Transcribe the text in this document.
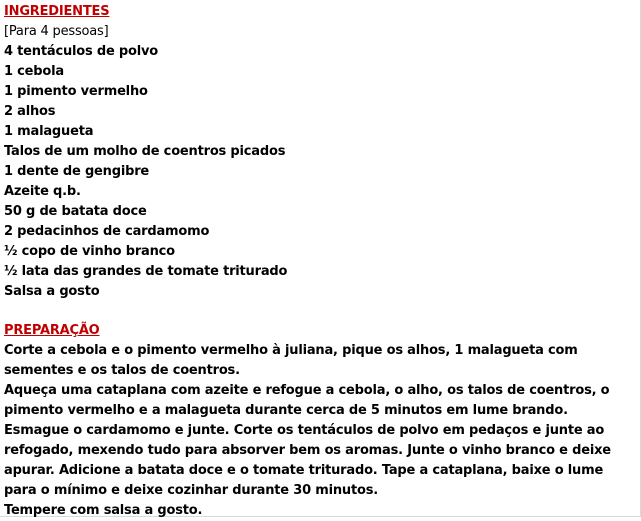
INGREDIENTES
[Para 4 pessoas]
4 tentáculos de polvo
1 cebola
1 pimento vermelho
2 alhos
1 malagueta
Talos de um molho de coentros picados
1 dente de gengibre
Azeite q.b.
50 g de batata doce
2 pedacinhos de cardamomo
½ copo de vinho branco
½ lata das grandes de tomate triturado
Salsa a gosto
PREPARAÇÃO
Corte a cebola e o pimento vermelho à juliana, pique os alhos, 1 malagueta com sementes e os talos de coentros.
Aqueça uma cataplana com azeite e refogue a cebola, o alho, os talos de coentros, o pimento vermelho e a malagueta durante cerca de 5 minutos em lume brando.
Esmague o cardamomo e junte. Corte os tentáculos de polvo em pedaços e junte ao refogado, mexendo tudo para absorver bem os aromas. Junte o vinho branco e deixe apurar. Adicione a batata doce e o tomate triturado. Tape a cataplana, baixe o lume para o mínimo e deixe cozinhar durante 30 minutos.
Tempere com salsa a gosto.
